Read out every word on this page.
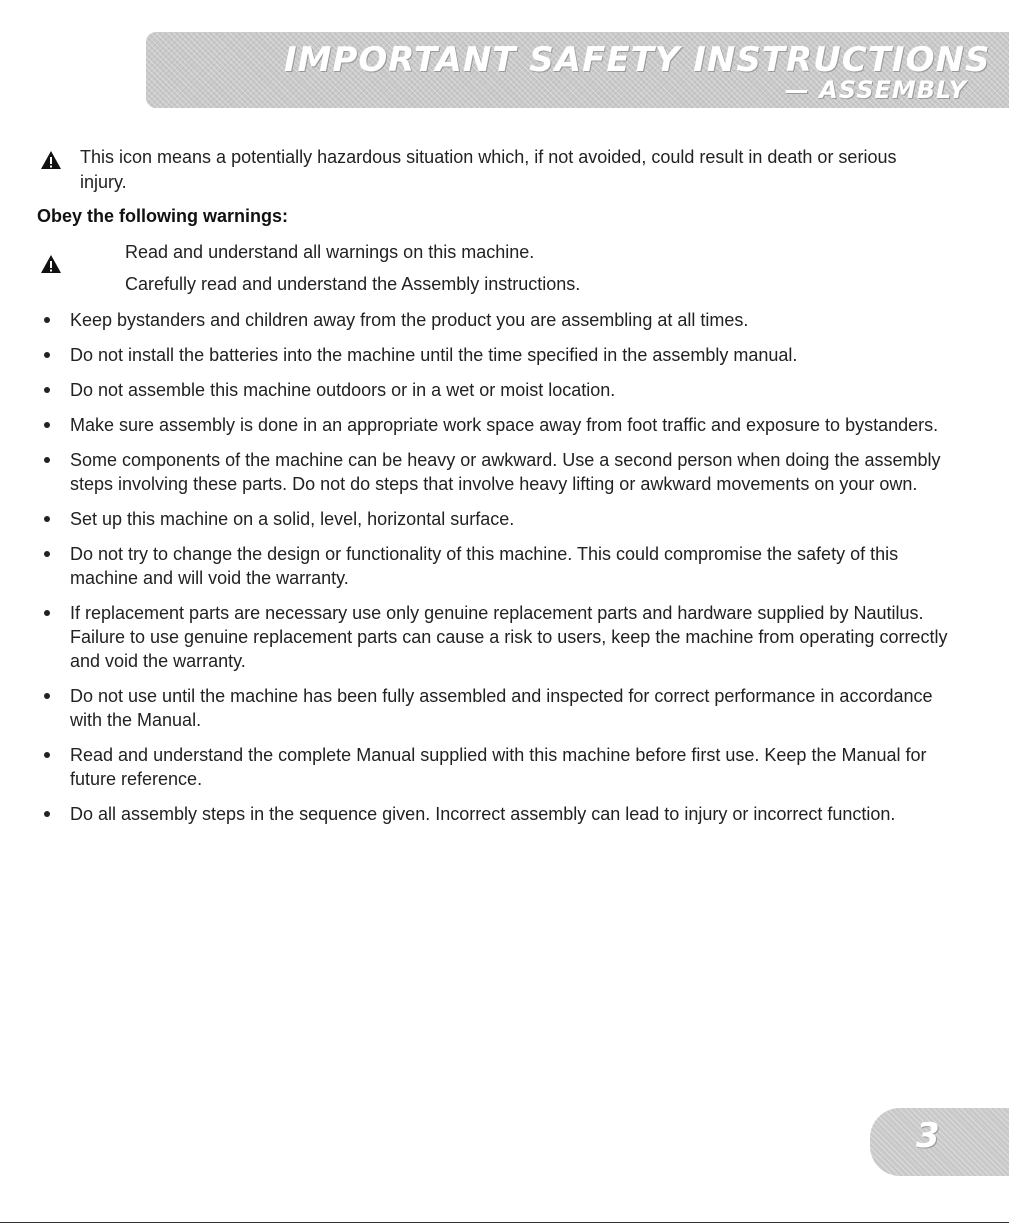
IMPORTANT SAFETY INSTRUCTIONS
— ASSEMBLY

This icon means a potentially hazardous situation which, if not avoided, could result in death or serious injury.

Obey the following warnings:

Read and understand all warnings on this machine.

Carefully read and understand the Assembly instructions.

Keep bystanders and children away from the product you are assembling at all times.
Do not install the batteries into the machine until the time specified in the assembly manual.
Do not assemble this machine outdoors or in a wet or moist location.
Make sure assembly is done in an appropriate work space away from foot traffic and exposure to bystanders.
Some components of the machine can be heavy or awkward. Use a second person when doing the assembly steps involving these parts. Do not do steps that involve heavy lifting or awkward movements on your own.
Set up this machine on a solid, level, horizontal surface.
Do not try to change the design or functionality of this machine. This could compromise the safety of this machine and will void the warranty.
If replacement parts are necessary use only genuine replacement parts and hardware supplied by Nautilus. Failure to use genuine replacement parts can cause a risk to users, keep the machine from operating correctly and void the warranty.
Do not use until the machine has been fully assembled and inspected for correct performance in accordance with the Manual.
Read and understand the complete Manual supplied with this machine before first use. Keep the Manual for future reference.
Do all assembly steps in the sequence given. Incorrect assembly can lead to injury or incorrect function.

3
